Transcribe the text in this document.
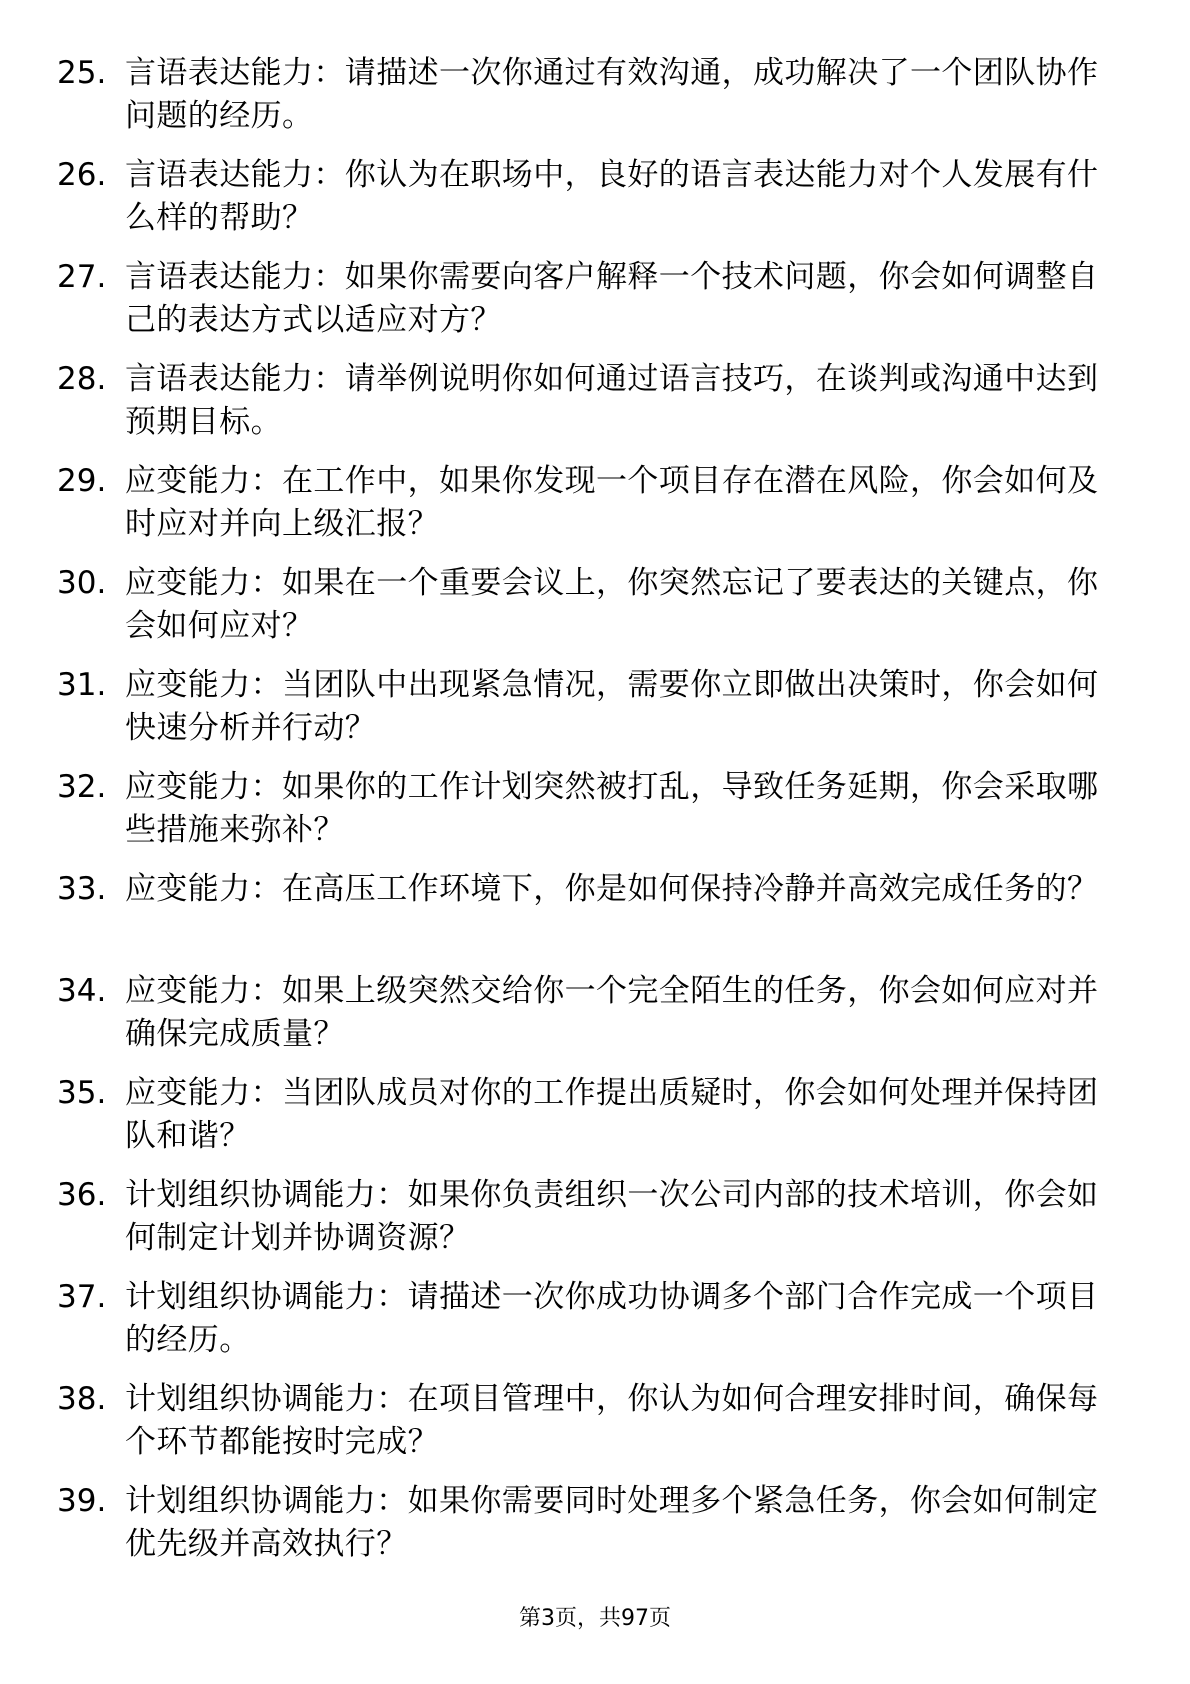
25. 言语表达能力：请描述一次你通过有效沟通，成功解决了一个团队协作问题的经历。
26. 言语表达能力：你认为在职场中，良好的语言表达能力对个人发展有什么样的帮助？
27. 言语表达能力：如果你需要向客户解释一个技术问题，你会如何调整自己的表达方式以适应对方？
28. 言语表达能力：请举例说明你如何通过语言技巧，在谈判或沟通中达到预期目标。
29. 应变能力：在工作中，如果你发现一个项目存在潜在风险，你会如何及时应对并向上级汇报？
30. 应变能力：如果在一个重要会议上，你突然忘记了要表达的关键点，你会如何应对？
31. 应变能力：当团队中出现紧急情况，需要你立即做出决策时，你会如何快速分析并行动？
32. 应变能力：如果你的工作计划突然被打乱，导致任务延期，你会采取哪些措施来弥补？
33. 应变能力：在高压工作环境下，你是如何保持冷静并高效完成任务的？
34. 应变能力：如果上级突然交给你一个完全陌生的任务，你会如何应对并确保完成质量？
35. 应变能力：当团队成员对你的工作提出质疑时，你会如何处理并保持团队和谐？
36. 计划组织协调能力：如果你负责组织一次公司内部的技术培训，你会如何制定计划并协调资源？
37. 计划组织协调能力：请描述一次你成功协调多个部门合作完成一个项目的经历。
38. 计划组织协调能力：在项目管理中，你认为如何合理安排时间，确保每个环节都能按时完成？
39. 计划组织协调能力：如果你需要同时处理多个紧急任务，你会如何制定优先级并高效执行？
第3页，共97页
